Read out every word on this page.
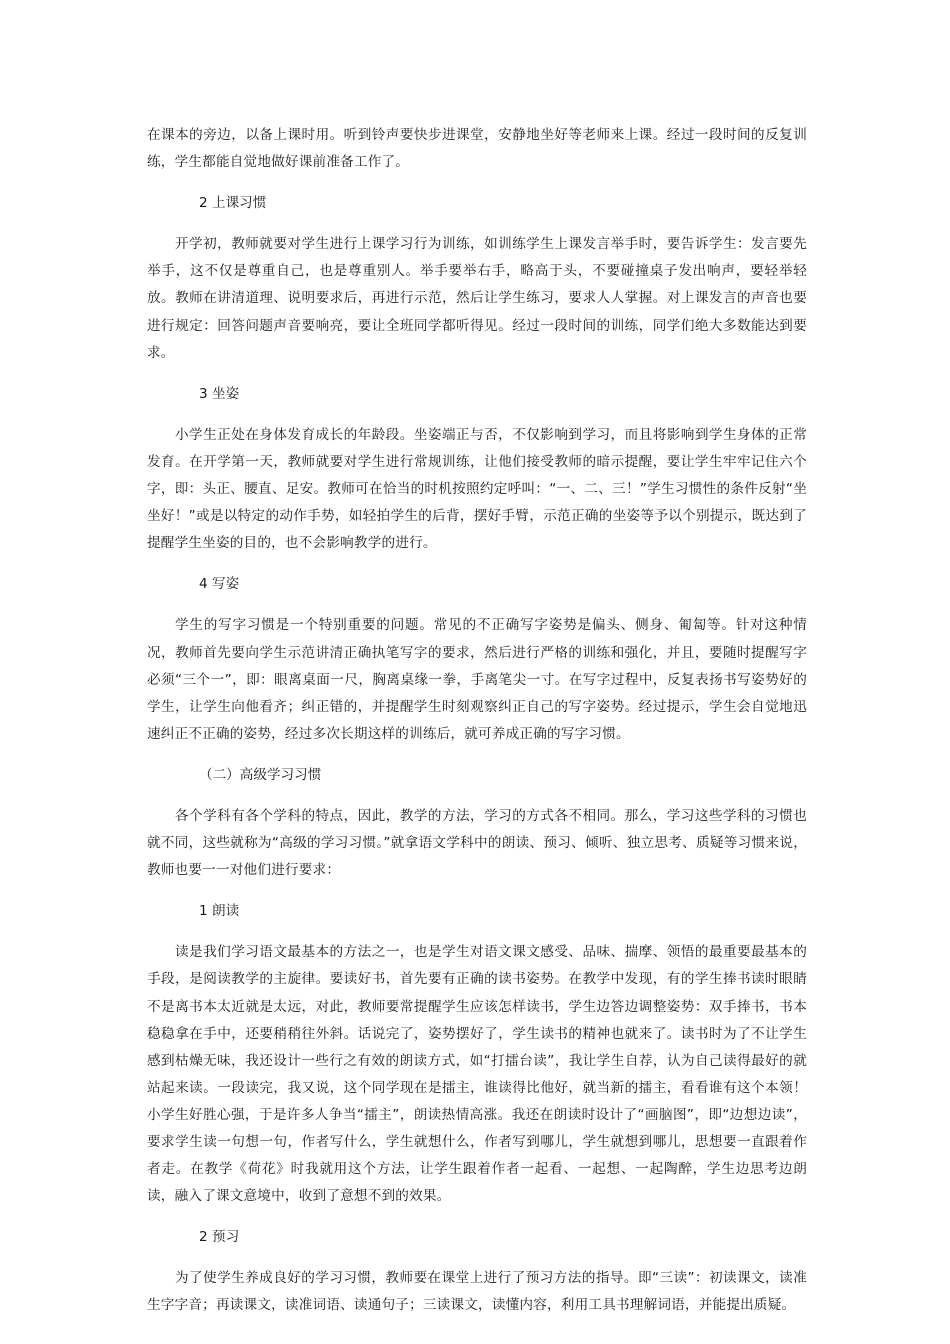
在课本的旁边，以备上课时用。听到铃声要快步进课堂，安静地坐好等老师来上课。经过一段时间的反复训练，学生都能自觉地做好课前准备工作了。

2 上课习惯

开学初，教师就要对学生进行上课学习行为训练，如训练学生上课发言举手时，要告诉学生：发言要先举手，这不仅是尊重自己，也是尊重别人。举手要举右手，略高于头，不要碰撞桌子发出响声，要轻举轻放。教师在讲清道理、说明要求后，再进行示范，然后让学生练习，要求人人掌握。对上课发言的声音也要进行规定：回答问题声音要响亮，要让全班同学都听得见。经过一段时间的训练，同学们绝大多数能达到要求。

3 坐姿

小学生正处在身体发育成长的年龄段。坐姿端正与否，不仅影响到学习，而且将影响到学生身体的正常发育。在开学第一天，教师就要对学生进行常规训练，让他们接受教师的暗示提醒，要让学生牢牢记住六个字，即：头正、腰直、足安。教师可在恰当的时机按照约定呼叫：“一、二、三！”学生习惯性的条件反射“坐坐好！”或是以特定的动作手势，如轻拍学生的后背，摆好手臂，示范正确的坐姿等予以个别提示，既达到了提醒学生坐姿的目的，也不会影响教学的进行。

4 写姿

学生的写字习惯是一个特别重要的问题。常见的不正确写字姿势是偏头、侧身、匍匐等。针对这种情况，教师首先要向学生示范讲清正确执笔写字的要求，然后进行严格的训练和强化，并且，要随时提醒写字必须“三个一”，即：眼离桌面一尺，胸离桌缘一拳，手离笔尖一寸。在写字过程中，反复表扬书写姿势好的学生，让学生向他看齐；纠正错的，并提醒学生时刻观察纠正自己的写字姿势。经过提示，学生会自觉地迅速纠正不正确的姿势，经过多次长期这样的训练后，就可养成正确的写字习惯。

（二）高级学习习惯

各个学科有各个学科的特点，因此，教学的方法，学习的方式各不相同。那么，学习这些学科的习惯也就不同，这些就称为“高级的学习习惯。”就拿语文学科中的朗读、预习、倾听、独立思考、质疑等习惯来说，教师也要一一对他们进行要求：

1 朗读

读是我们学习语文最基本的方法之一，也是学生对语文课文感受、品味、揣摩、领悟的最重要最基本的手段，是阅读教学的主旋律。要读好书，首先要有正确的读书姿势。在教学中发现，有的学生捧书读时眼睛不是离书本太近就是太远，对此，教师要常提醒学生应该怎样读书，学生边答边调整姿势：双手捧书，书本稳稳拿在手中，还要稍稍往外斜。话说完了，姿势摆好了，学生读书的精神也就来了。读书时为了不让学生感到枯燥无味，我还设计一些行之有效的朗读方式，如“打擂台读”，我让学生自荐，认为自己读得最好的就站起来读。一段读完，我又说，这个同学现在是擂主，谁读得比他好，就当新的擂主，看看谁有这个本领！小学生好胜心强，于是许多人争当“擂主”，朗读热情高涨。我还在朗读时设计了“画脑图”，即“边想边读”，要求学生读一句想一句，作者写什么，学生就想什么，作者写到哪儿，学生就想到哪儿，思想要一直跟着作者走。在教学《荷花》时我就用这个方法，让学生跟着作者一起看、一起想、一起陶醉，学生边思考边朗读，融入了课文意境中，收到了意想不到的效果。

2 预习

为了使学生养成良好的学习习惯，教师要在课堂上进行了预习方法的指导。即“三读”：初读课文，读准生字字音；再读课文，读准词语、读通句子；三读课文，读懂内容，利用工具书理解词语，并能提出质疑。
